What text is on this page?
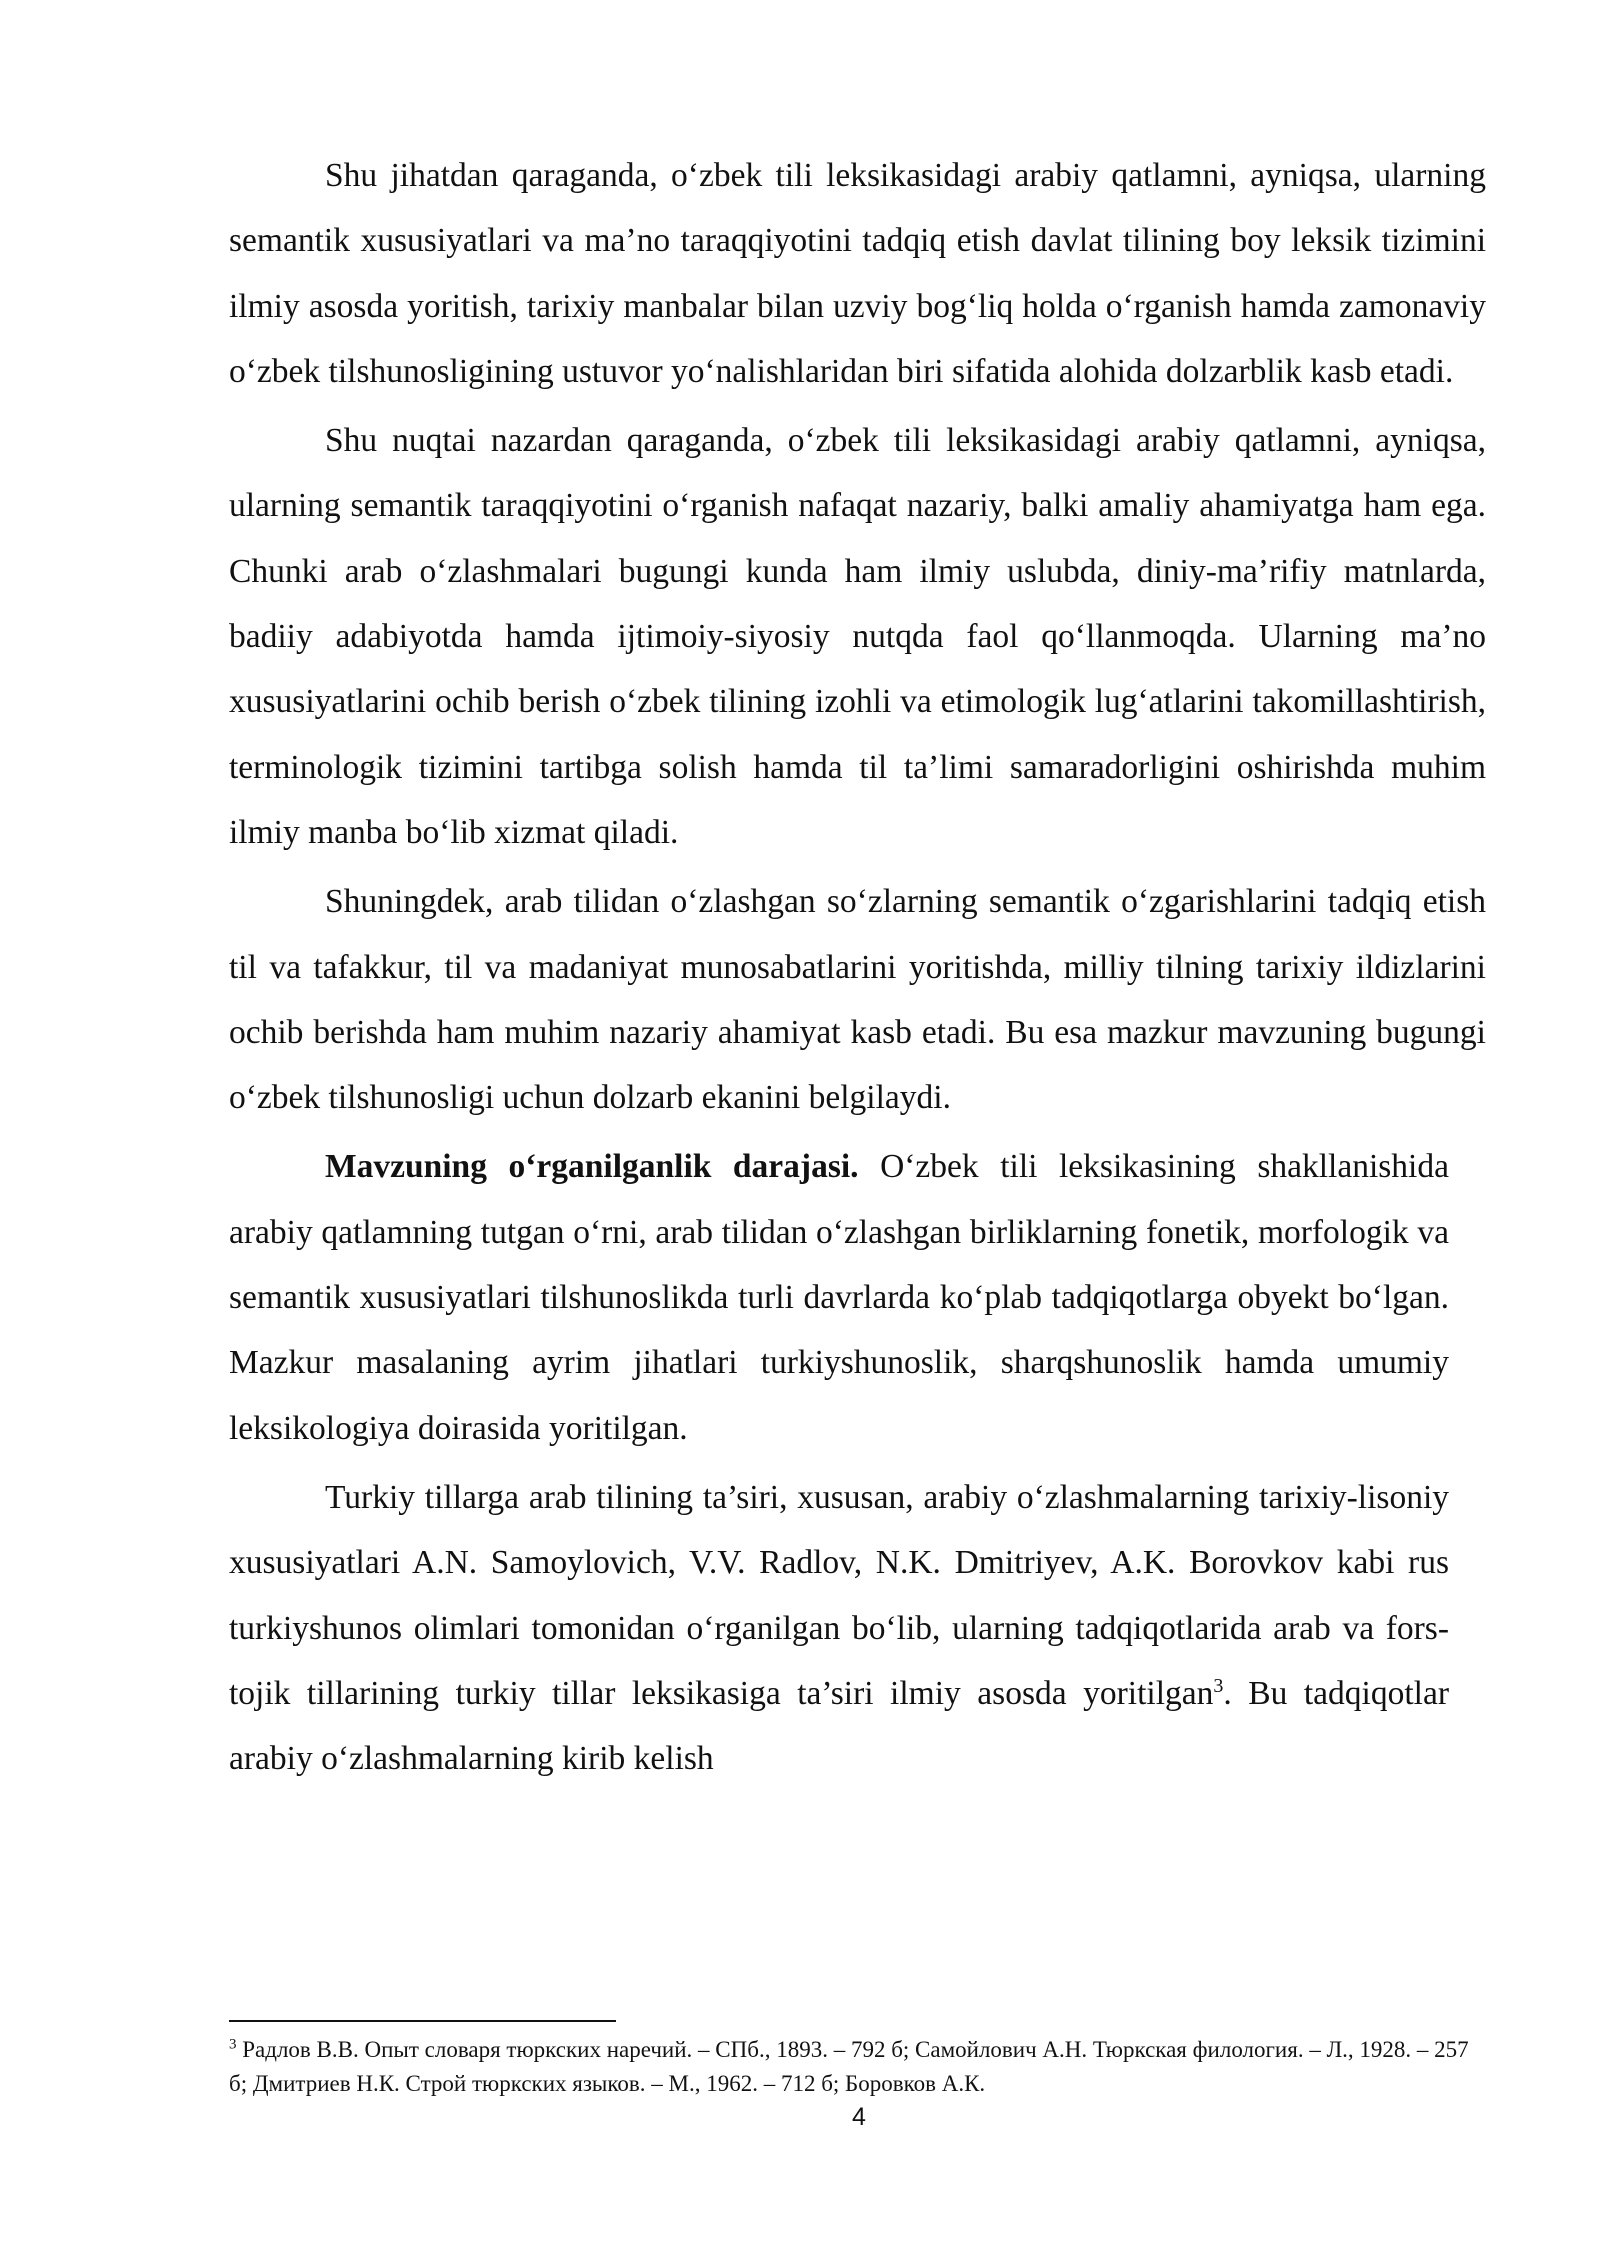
Shu jihatdan qaraganda, o‘zbek tili leksikasidagi arabiy qatlamni, ayniqsa, ularning semantik xususiyatlari va ma’no taraqqiyotini tadqiq etish davlat tilining boy leksik tizimini ilmiy asosda yoritish, tarixiy manbalar bilan uzviy bog‘liq holda o‘rganish hamda zamonaviy o‘zbek tilshunosligining ustuvor yo‘nalishlaridan biri sifatida alohida dolzarblik kasb etadi.

Shu nuqtai nazardan qaraganda, o‘zbek tili leksikasidagi arabiy qatlamni, ayniqsa, ularning semantik taraqqiyotini o‘rganish nafaqat nazariy, balki amaliy ahamiyatga ham ega. Chunki arab o‘zlashmalari bugungi kunda ham ilmiy uslubda, diniy-ma’rifiy matnlarda, badiiy adabiyotda hamda ijtimoiy-siyosiy nutqda faol qo‘llanmoqda. Ularning ma’no xususiyatlarini ochib berish o‘zbek tilining izohli va etimologik lug‘atlarini takomillashtirish, terminologik tizimini tartibga solish hamda til ta’limi samaradorligini oshirishda muhim ilmiy manba bo‘lib xizmat qiladi.

Shuningdek, arab tilidan o‘zlashgan so‘zlarning semantik o‘zgarishlarini tadqiq etish til va tafakkur, til va madaniyat munosabatlarini yoritishda, milliy tilning tarixiy ildizlarini ochib berishda ham muhim nazariy ahamiyat kasb etadi. Bu esa mazkur mavzuning bugungi o‘zbek tilshunosligi uchun dolzarb ekanini belgilaydi.

Mavzuning o‘rganilganlik darajasi. O‘zbek tili leksikasining shakllanishida arabiy qatlamning tutgan o‘rni, arab tilidan o‘zlashgan birliklarning fonetik, morfologik va semantik xususiyatlari tilshunoslikda turli davrlarda ko‘plab tadqiqotlarga obyekt bo‘lgan. Mazkur masalaning ayrim jihatlari turkiyshunoslik, sharqshunoslik hamda umumiy leksikologiya doirasida yoritilgan.

Turkiy tillarga arab tilining ta’siri, xususan, arabiy o‘zlashmalarning tarixiy-lisoniy xususiyatlari A.N. Samoylovich, V.V. Radlov, N.K. Dmitriyev, A.K. Borovkov kabi rus turkiyshunos olimlari tomonidan o‘rganilgan bo‘lib, ularning tadqiqotlarida arab va fors-tojik tillarining turkiy tillar leksikasiga ta’siri ilmiy asosda yoritilgan$^3$. Bu tadqiqotlar arabiy o‘zlashmalarning kirib kelish

$^3$ Радлов В.В. Опыт словаря тюркских наречий. – СПб., 1893. – 792 б; Самойлович А.Н. Тюркская филология. – Л., 1928. – 257 б; Дмитриев Н.К. Строй тюркских языков. – М., 1962. – 712 б; Боровков А.К.
4
